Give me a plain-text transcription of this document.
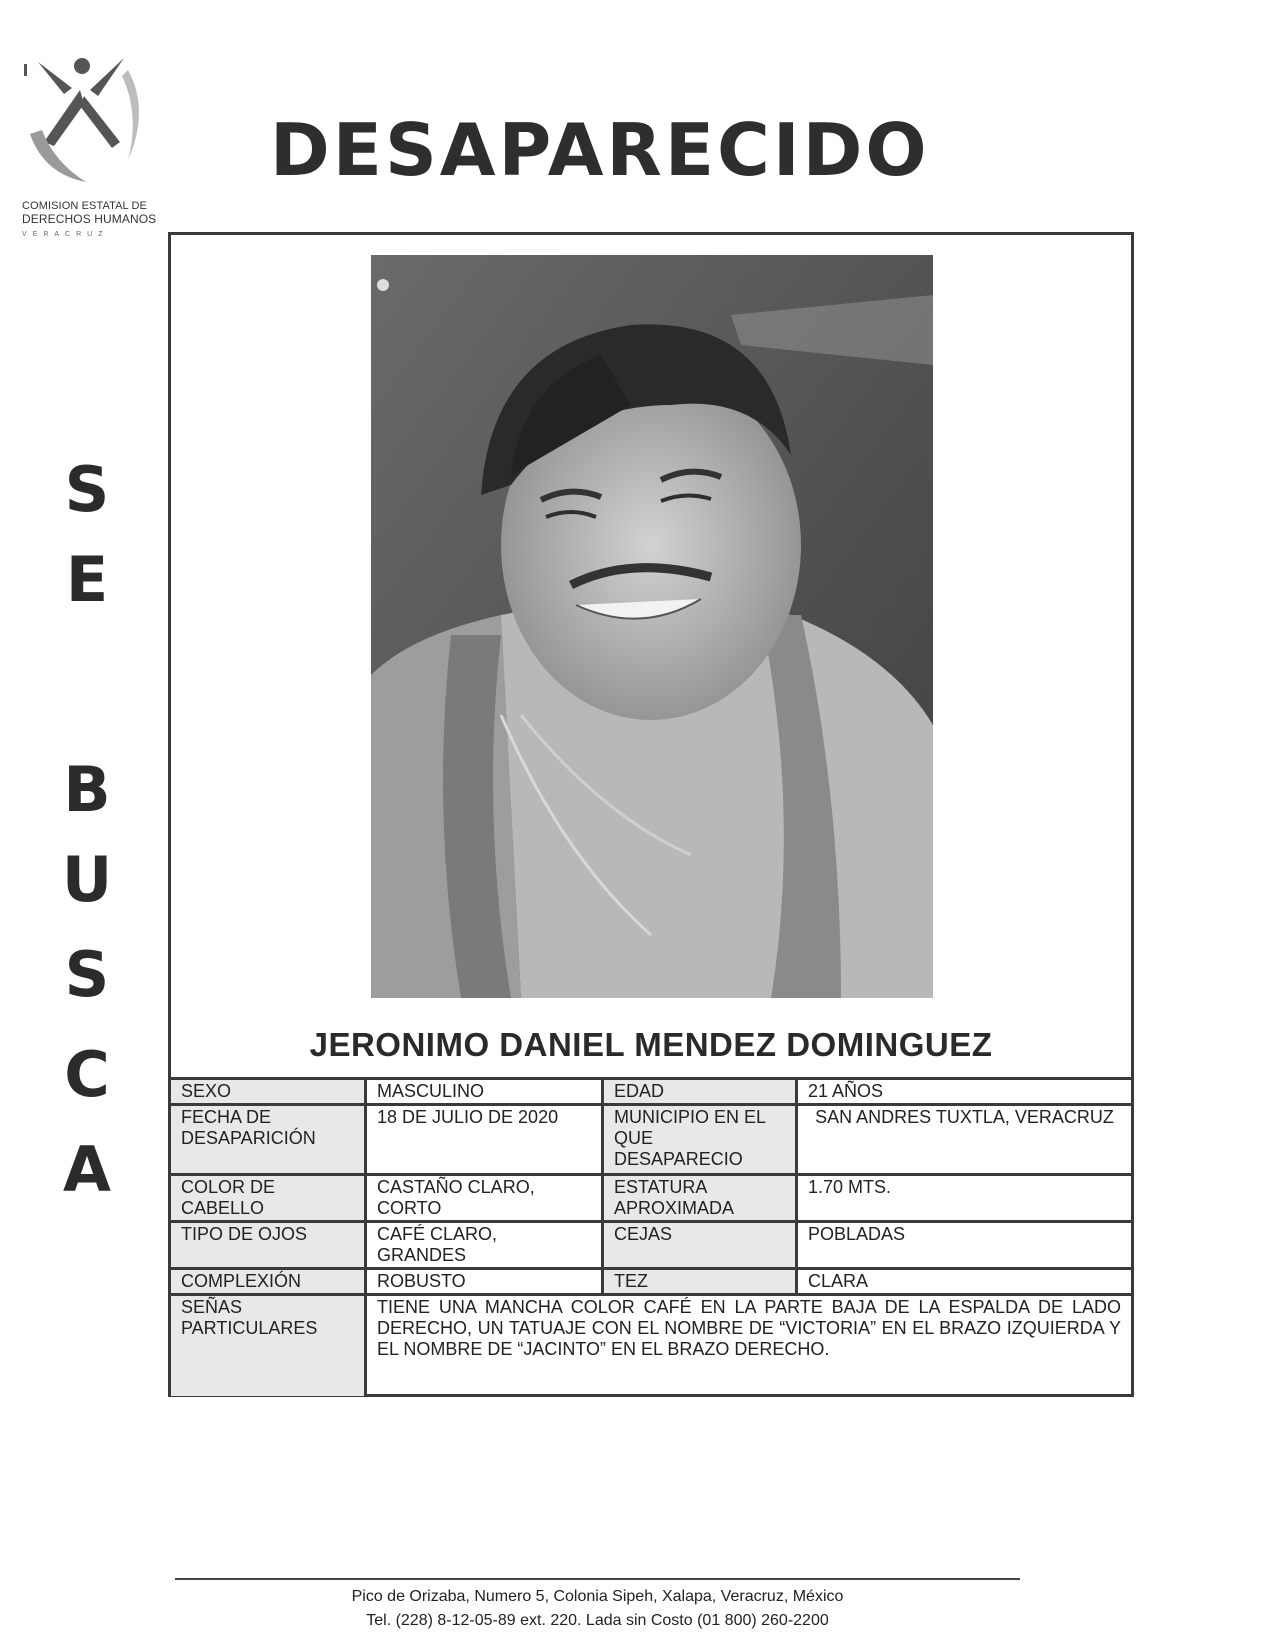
COMISION ESTATAL DE
DERECHOS HUMANOS
VERACRUZ
DESAPARECIDO
S
E
B
U
S
C
A
JERONIMO DANIEL MENDEZ DOMINGUEZ
SEXO	MASCULINO	EDAD	21 AÑOS
FECHA DE DESAPARICIÓN	18 DE JULIO DE 2020	MUNICIPIO EN EL QUE DESAPARECIO	SAN ANDRES TUXTLA, VERACRUZ
COLOR DE CABELLO	CASTAÑO CLARO, CORTO	ESTATURA APROXIMADA	1.70 MTS.
TIPO DE OJOS	CAFÉ CLARO, GRANDES	CEJAS	POBLADAS
COMPLEXIÓN	ROBUSTO	TEZ	CLARA
SEÑAS PARTICULARES	TIENE UNA MANCHA COLOR CAFÉ EN LA PARTE BAJA DE LA ESPALDA DE LADO DERECHO, UN TATUAJE CON EL NOMBRE DE “VICTORIA” EN EL BRAZO IZQUIERDA Y EL NOMBRE DE “JACINTO” EN EL BRAZO DERECHO.		
Pico de Orizaba, Numero 5, Colonia Sipeh, Xalapa, Veracruz, México
Tel. (228) 8-12-05-89 ext. 220. Lada sin Costo (01 800) 260-2200
